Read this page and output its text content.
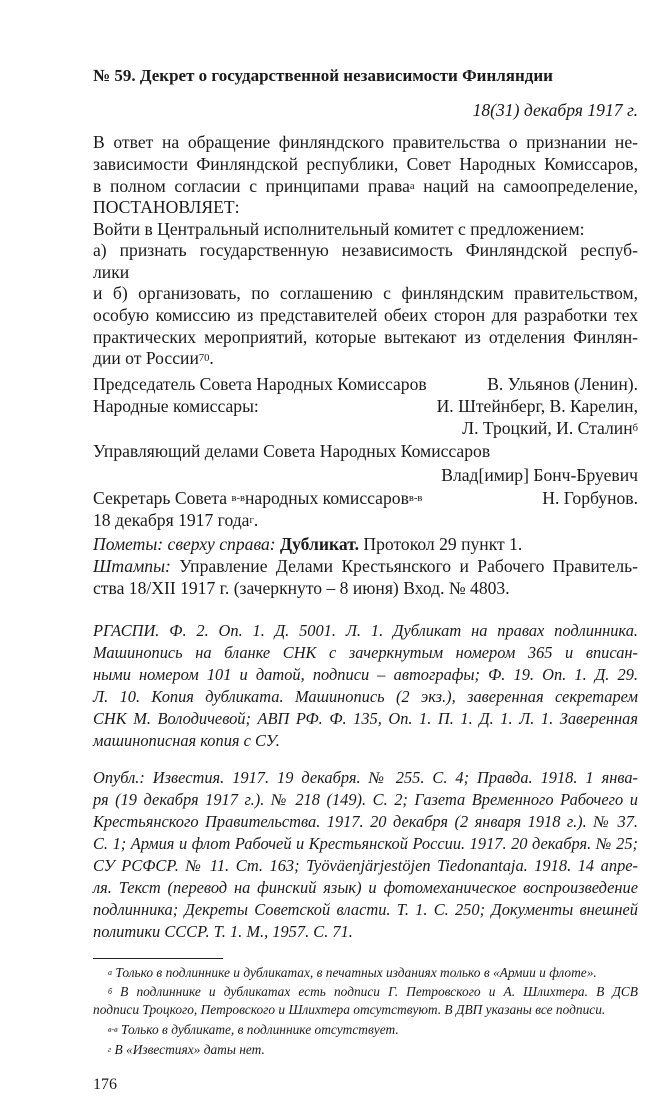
№ 59. Декрет о государственной независимости Финляндии
18(31) декабря 1917 г.
В ответ на обращение финляндского правительства о признании не-
зависимости Финляндской республики, Совет Народных Комиссаров,
в полном согласии с принципами права$^а$ наций на самоопределение,
ПОСТАНОВЛЯЕТ:
Войти в Центральный исполнительный комитет с предложением:
а) признать государственную независимость Финляндской респуб-
лики
и б) организовать, по соглашению с финляндским правительством,
особую комиссию из представителей обеих сторон для разработки тех
практических мероприятий, которые вытекают из отделения Финлян-
дии от России$^{70}$.
Председатель Совета Народных Комиссаров	В. Ульянов (Ленин).
Народные комиссары:	И. Штейнберг, В. Карелин,
Л. Троцкий, И. Сталин$^б$
Управляющий делами Совета Народных Комиссаров
Влад[имир] Бонч-Бруевич
Секретарь Совета $^{в-в}$народных комиссаров$^{в-в}$	Н. Горбунов.
18 декабря 1917 года$^г$.
Пометы: сверху справа: Дубликат. Протокол 29 пункт 1.
Штампы: Управление Делами Крестьянского и Рабочего Правитель-
ства 18/XII 1917 г. (зачеркнуто – 8 июня) Вход. № 4803.
РГАСПИ. Ф. 2. Оп. 1. Д. 5001. Л. 1. Дубликат на правах подлинника.
Машинопись на бланке СНК с зачеркнутым номером 365 и вписан-
ными номером 101 и датой, подписи – автографы; Ф. 19. Оп. 1. Д. 29.
Л. 10. Копия дубликата. Машинопись (2 экз.), заверенная секретарем
СНК М. Володичевой; АВП РФ. Ф. 135, Оп. 1. П. 1. Д. 1. Л. 1. Заверенная
машинописная копия с СУ.
Опубл.: Известия. 1917. 19 декабря. № 255. С. 4; Правда. 1918. 1 янва-
ря (19 декабря 1917 г.). № 218 (149). С. 2; Газета Временного Рабочего и
Крестьянского Правительства. 1917. 20 декабря (2 января 1918 г.). № 37.
С. 1; Армия и флот Рабочей и Крестьянской России. 1917. 20 декабря. № 25;
СУ РСФСР. № 11. Ст. 163; Työväenjärjestöjen Tiedonantaja. 1918. 14 апре-
ля. Текст (перевод на финский язык) и фотомеханическое воспроизведение
подлинника; Декреты Советской власти. Т. 1. С. 250; Документы внешней
политики СССР. Т. 1. М., 1957. С. 71.
$^а$ Только в подлиннике и дубликатах, в печатных изданиях только в «Армии и флоте».
$^б$ В подлиннике и дубликатах есть подписи Г. Петровского и А. Шлихтера. В ДСВ
подписи Троцкого, Петровского и Шлихтера отсутствуют. В ДВП указаны все подписи.
$^{в-в}$ Только в дубликате, в подлиннике отсутствует.
$^г$ В «Известиях» даты нет.
176
